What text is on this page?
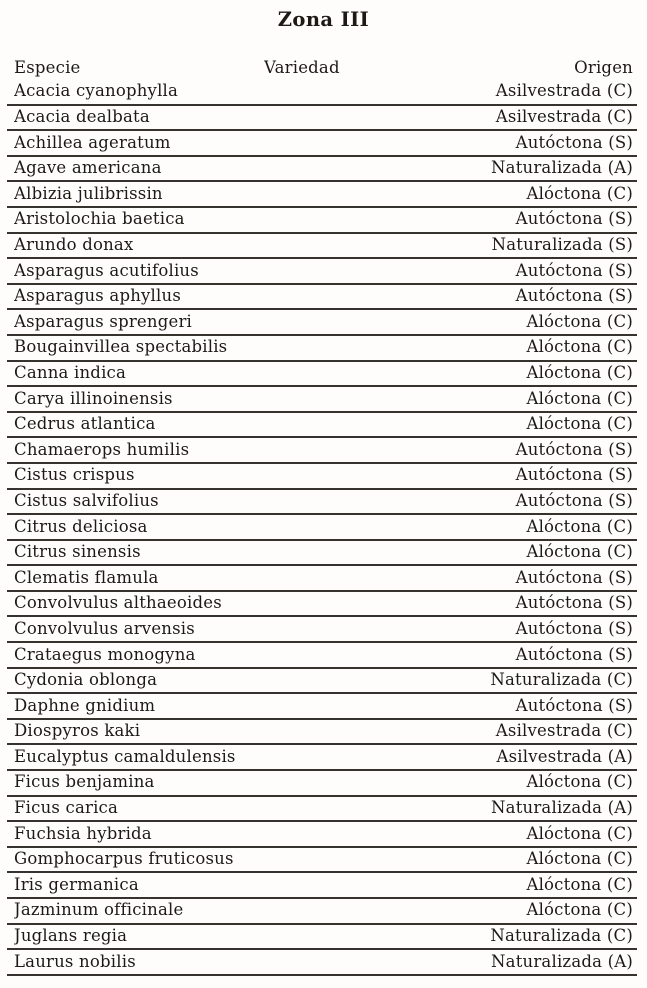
Zona III
Especie	Variedad	Origen
Acacia cyanophylla	Asilvestrada (C)
Acacia dealbata	Asilvestrada (C)
Achillea ageratum	Autóctona (S)
Agave americana	Naturalizada (A)
Albizia julibrissin	Alóctona (C)
Aristolochia baetica	Autóctona (S)
Arundo donax	Naturalizada (S)
Asparagus acutifolius	Autóctona (S)
Asparagus aphyllus	Autóctona (S)
Asparagus sprengeri	Alóctona (C)
Bougainvillea spectabilis	Alóctona (C)
Canna indica	Alóctona (C)
Carya illinoinensis	Alóctona (C)
Cedrus atlantica	Alóctona (C)
Chamaerops humilis	Autóctona (S)
Cistus crispus	Autóctona (S)
Cistus salvifolius	Autóctona (S)
Citrus deliciosa	Alóctona (C)
Citrus sinensis	Alóctona (C)
Clematis flamula	Autóctona (S)
Convolvulus althaeoides	Autóctona (S)
Convolvulus arvensis	Autóctona (S)
Crataegus monogyna	Autóctona (S)
Cydonia oblonga	Naturalizada (C)
Daphne gnidium	Autóctona (S)
Diospyros kaki	Asilvestrada (C)
Eucalyptus camaldulensis	Asilvestrada (A)
Ficus benjamina	Alóctona (C)
Ficus carica	Naturalizada (A)
Fuchsia hybrida	Alóctona (C)
Gomphocarpus fruticosus	Alóctona (C)
Iris germanica	Alóctona (C)
Jazminum officinale	Alóctona (C)
Juglans regia	Naturalizada (C)
Laurus nobilis	Naturalizada (A)
